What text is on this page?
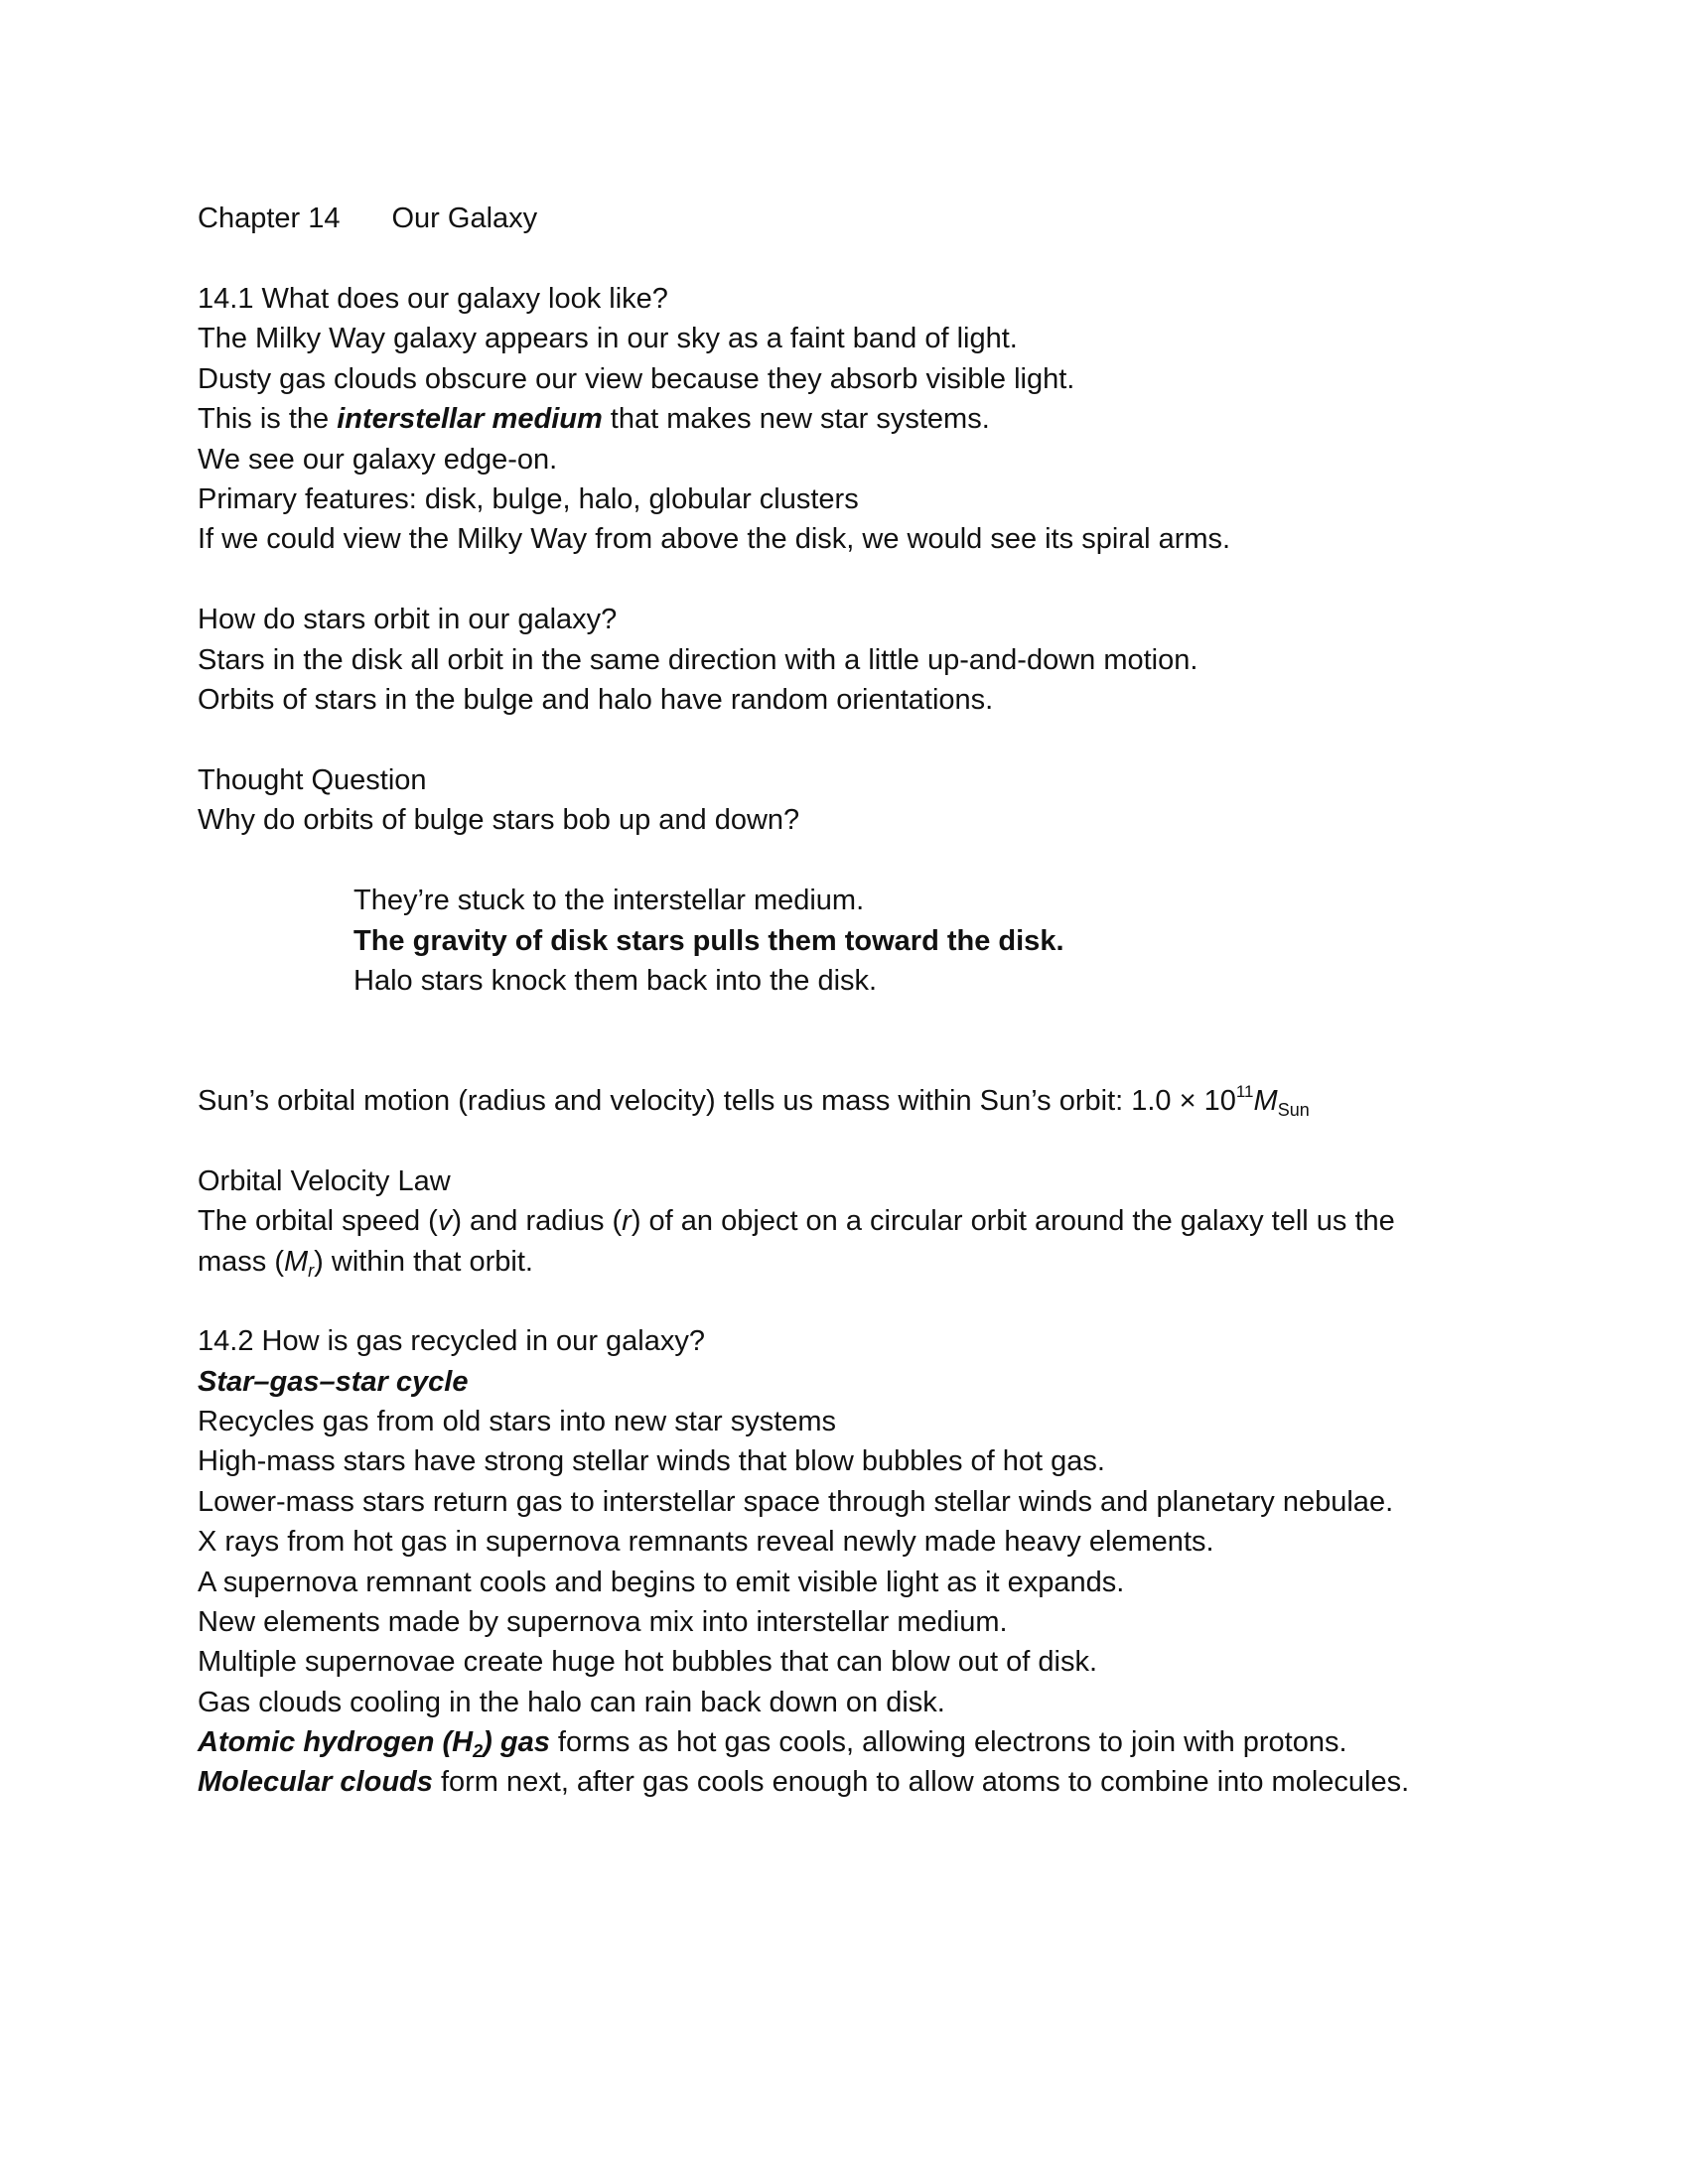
Chapter 14 Our Galaxy
14.1 What does our galaxy look like?
The Milky Way galaxy appears in our sky as a faint band of light.
Dusty gas clouds obscure our view because they absorb visible light.
This is the interstellar medium that makes new star systems.
We see our galaxy edge-on.
Primary features: disk, bulge, halo, globular clusters
If we could view the Milky Way from above the disk, we would see its spiral arms.
How do stars orbit in our galaxy?
Stars in the disk all orbit in the same direction with a little up-and-down motion.
Orbits of stars in the bulge and halo have random orientations.
Thought Question
Why do orbits of bulge stars bob up and down?
They’re stuck to the interstellar medium.
The gravity of disk stars pulls them toward the disk.
Halo stars knock them back into the disk.
Sun’s orbital motion (radius and velocity) tells us mass within Sun’s orbit: $1.0 \times 10^{11}M_{Sun}$
Orbital Velocity Law
The orbital speed (v) and radius (r) of an object on a circular orbit around the galaxy tell us the
mass $(M_r)$ within that orbit.
14.2 How is gas recycled in our galaxy?
Star–gas–star cycle
Recycles gas from old stars into new star systems
High-mass stars have strong stellar winds that blow bubbles of hot gas.
Lower-mass stars return gas to interstellar space through stellar winds and planetary nebulae.
X rays from hot gas in supernova remnants reveal newly made heavy elements.
A supernova remnant cools and begins to emit visible light as it expands.
New elements made by supernova mix into interstellar medium.
Multiple supernovae create huge hot bubbles that can blow out of disk.
Gas clouds cooling in the halo can rain back down on disk.
Atomic hydrogen $(H_2)$ gas forms as hot gas cools, allowing electrons to join with protons.
Molecular clouds form next, after gas cools enough to allow atoms to combine into molecules.
